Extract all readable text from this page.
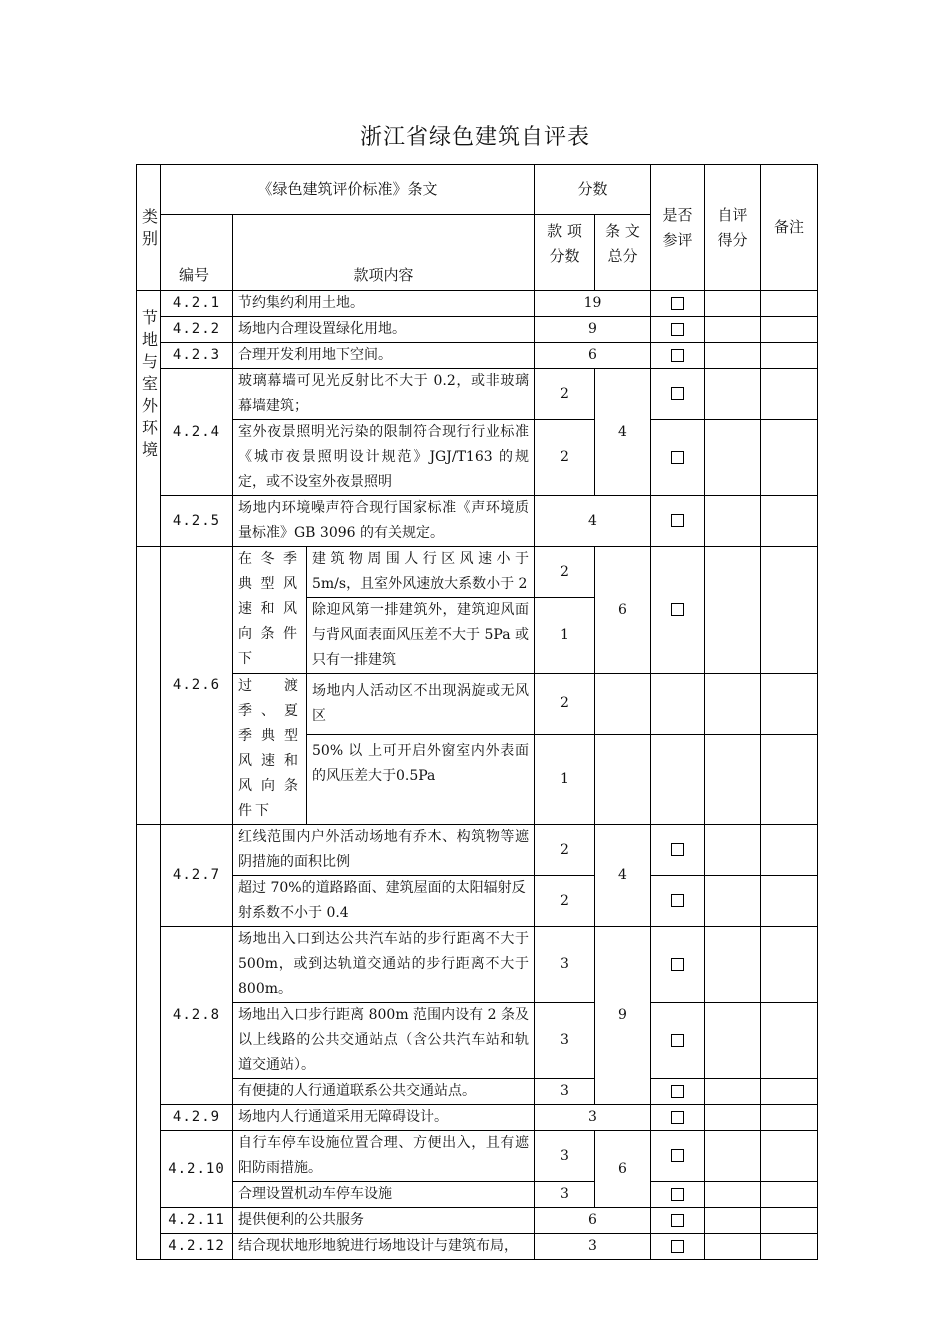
浙江省绿色建筑自评表
类别	《绿色建筑评价标准》条文			分数		是否参评	自评得分	备注
	编号	款项内容		款 项分数	条 文总分			

节地与室外环境	4.2.1	节约集约利用土地。		19				
	4.2.2	场地内合理设置绿化用地。		9				
	4.2.3	合理开发利用地下空间。		6				
	4.2.4	玻璃幕墙可见光反射比不大于 0.2，或非玻璃幕墙建筑；		2	4			
		室外夜景照明光污染的限制符合现行行业标准《城市夜景照明设计规范》JGJ/T163 的规定，或不设室外夜景照明		2				
	4.2.5	场地内环境噪声符合现行国家标准《声环境质量标准》GB 3096 的有关规定。		4				

	4.2.6	在冬季典型风速和风向条件下	建筑物周围人行区风速小于 5m/s，且室外风速放大系数小于 2	2	6			
			除迎风第一排建筑外，建筑迎风面与背风面表面风压差不大于 5Pa 或只有一排建筑	1				
		过渡季、夏季典型风速和风向条件下	场地内人活动区不出现涡旋或无风区	2				
			50% 以 上可开启外窗室内外表面的风压差大于0.5Pa	1				
	4.2.7	红线范围内户外活动场地有乔木、构筑物等遮阴措施的面积比例		2	4			
		超过 70%的道路路面、建筑屋面的太阳辐射反射系数不小于 0.4		2				
	4.2.8	场地出入口到达公共汽车站的步行距离不大于 500m，或到达轨道交通站的步行距离不大于 800m。		3	9			
		场地出入口步行距离 800m 范围内设有 2 条及以上线路的公共交通站点（含公共汽车站和轨道交通站）。		3				
		有便捷的人行通道联系公共交通站点。		3				
	4.2.9	场地内人行通道采用无障碍设计。		3				
	4.2.10	自行车停车设施位置合理、方便出入，且有遮阳防雨措施。		3	6			
		合理设置机动车停车设施		3				
	4.2.11	提供便利的公共服务		6				
	4.2.12	结合现状地形地貌进行场地设计与建筑布局，		3				
